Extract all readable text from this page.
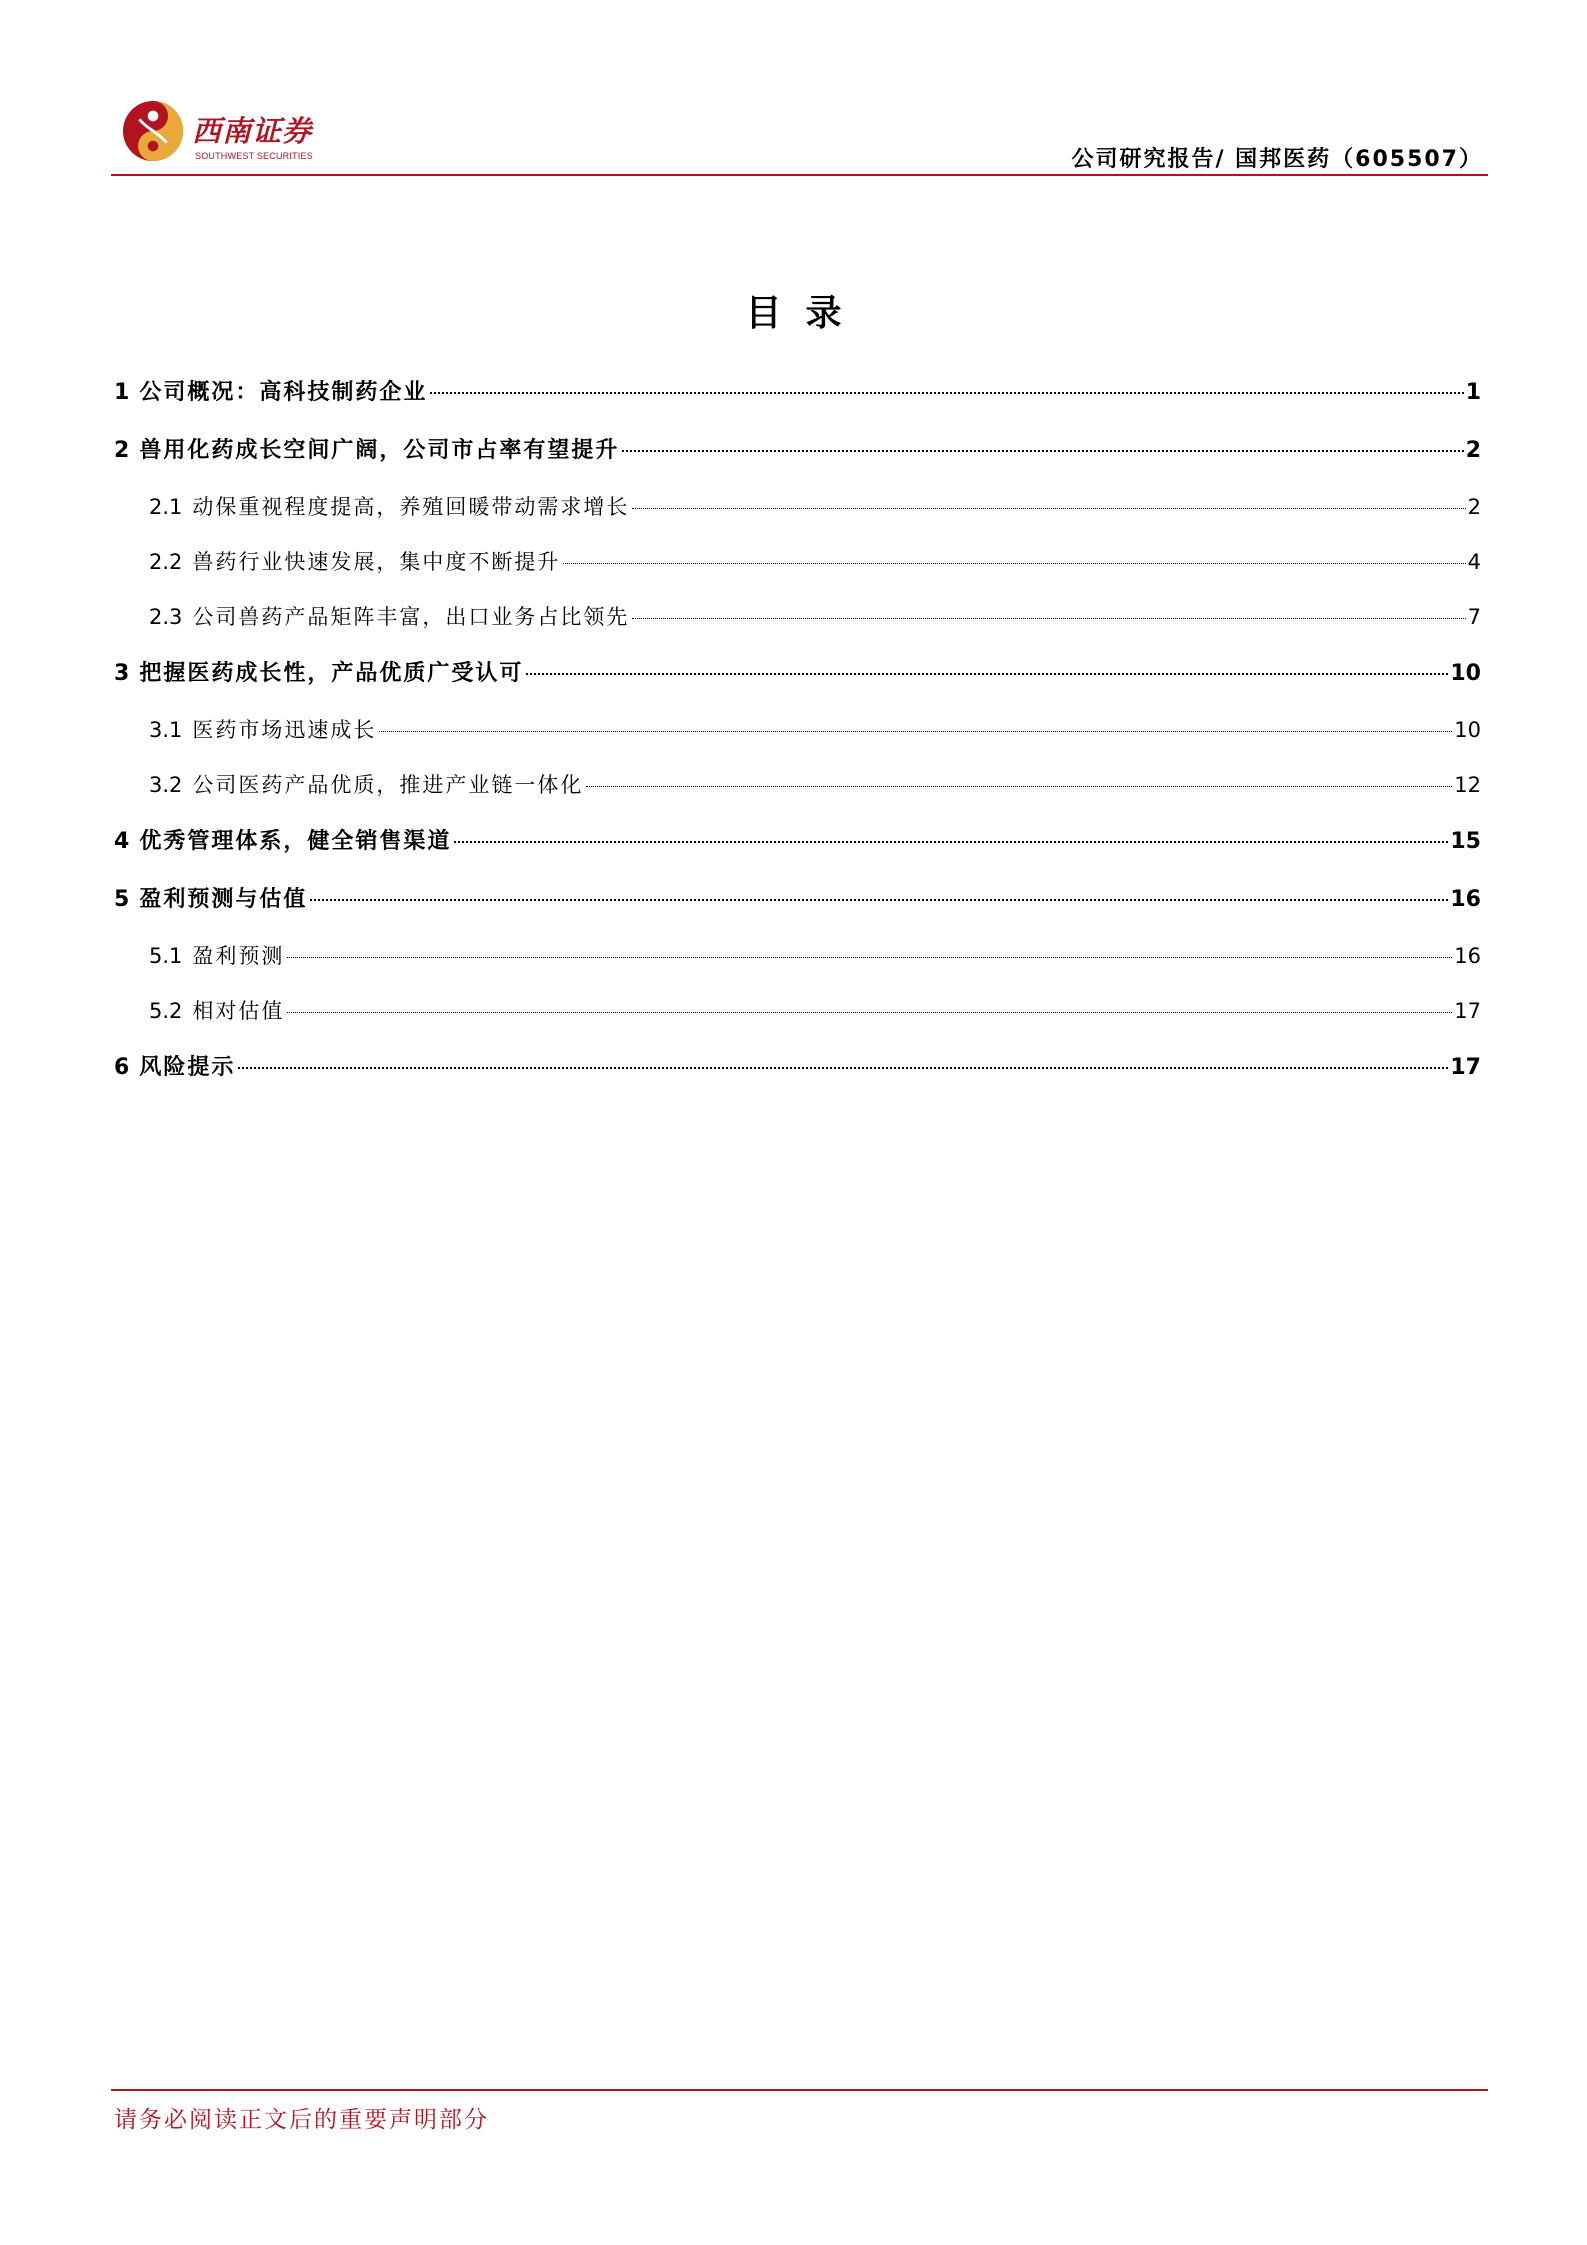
西南证券
SOUTHWEST SECURITIES	公司研究报告/ 国邦医药（605507）
目录
1 公司概况：高科技制药企业	1
2 兽用化药成长空间广阔，公司市占率有望提升	2
2.1 动保重视程度提高，养殖回暖带动需求增长	2
2.2 兽药行业快速发展，集中度不断提升	4
2.3 公司兽药产品矩阵丰富，出口业务占比领先	7
3 把握医药成长性，产品优质广受认可	10
3.1 医药市场迅速成长	10
3.2 公司医药产品优质，推进产业链一体化	12
4 优秀管理体系，健全销售渠道	15
5 盈利预测与估值	16
5.1 盈利预测	16
5.2 相对估值	17
6 风险提示	17
请务必阅读正文后的重要声明部分
